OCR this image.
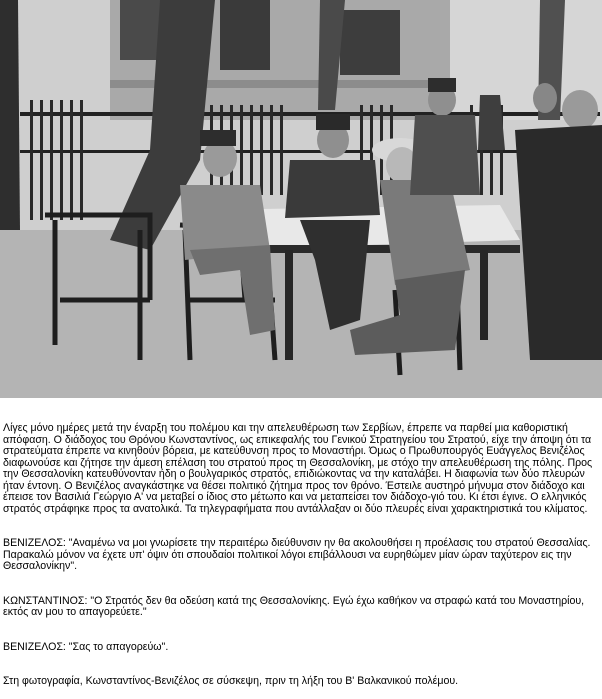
Λίγες μόνο ημέρες μετά την έναρξη του πολέμου και την απελευθέρωση των Σερβίων, έπρεπε να παρθεί μια καθοριστική απόφαση. Ο διάδοχος του Θρόνου Κωνσταντίνος, ως επικεφαλής του Γενικού Στρατηγείου του Στρατού, είχε την άποψη ότι τα στρατεύματα έπρεπε να κινηθούν βόρεια, με κατεύθυνση προς το Μοναστήρι. Όμως ο Πρωθυπουργός Ευάγγελος Βενιζέλος διαφωνούσε και ζήτησε την άμεση επέλαση του στρατού προς τη Θεσσαλονίκη, με στόχο την απελευθέρωση της πόλης. Προς την Θεσσαλονίκη κατευθύνονταν ήδη ο βουλγαρικός στρατός, επιδιώκοντας να την καταλάβει. Η διαφωνία των δύο πλευρών ήταν έντονη. Ο Βενιζέλος αναγκάστηκε να θέσει πολιτικό ζήτημα προς τον θρόνο. Έστειλε αυστηρό μήνυμα στον διάδοχο και έπεισε τον Βασιλιά Γεώργιο Α' να μεταβεί ο ίδιος στο μέτωπο και να μεταπείσει τον διάδοχο-γιό του. Κι έτσι έγινε. Ο ελληνικός στρατός στράφηκε προς τα ανατολικά. Τα τηλεγραφήματα που αντάλλαξαν οι δύο πλευρές είναι χαρακτηριστικά του κλίματος.

ΒΕΝΙΖΕΛΟΣ: "Αναμένω να μοι γνωρίσετε την περαιτέρω διεύθυνσιν ην θα ακολουθήσει η προέλασις του στρατού Θεσσαλίας. Παρακαλώ μόνον να έχετε υπ' όψιν ότι σπουδαίοι πολιτικοί λόγοι επιβάλλουσι να ευρηθώμεν μίαν ώραν ταχύτερον εις την Θεσσαλονίκην".

ΚΩΝΣΤΑΝΤΙΝΟΣ: "Ο Στρατός δεν θα οδεύση κατά της Θεσσαλονίκης. Εγώ έχω καθήκον να στραφώ κατά του Μοναστηρίου, εκτός αν μου το απαγορεύετε."

ΒΕΝΙΖΕΛΟΣ: "Σας το απαγορεύω".

Στη φωτογραφία, Κωνσταντίνος-Βενιζέλος σε σύσκεψη, πριν τη λήξη του Β' Βαλκανικού πολέμου.
